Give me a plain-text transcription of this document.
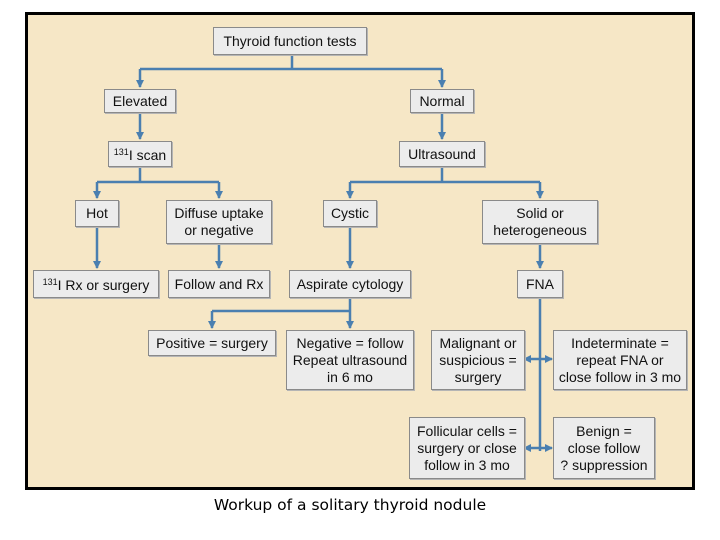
Thyroid function tests
Elevated	Normal
$^{131}$I scan	Ultrasound
Hot	Diffuse uptake
or negative
Cystic	Solid or
heterogeneous
$^{131}$I Rx or surgery Follow and Rx Aspirate cytology	FNA
Positive = surgery Negative = follow
Repeat ultrasound
in 6 mo
Malignant or
suspicious =
surgery
Indeterminate =
repeat FNA or
close follow in 3 mo
Follicular cells =
surgery or close
follow in 3 mo
Benign =
close follow
? suppression
Workup of a solitary thyroid nodule
